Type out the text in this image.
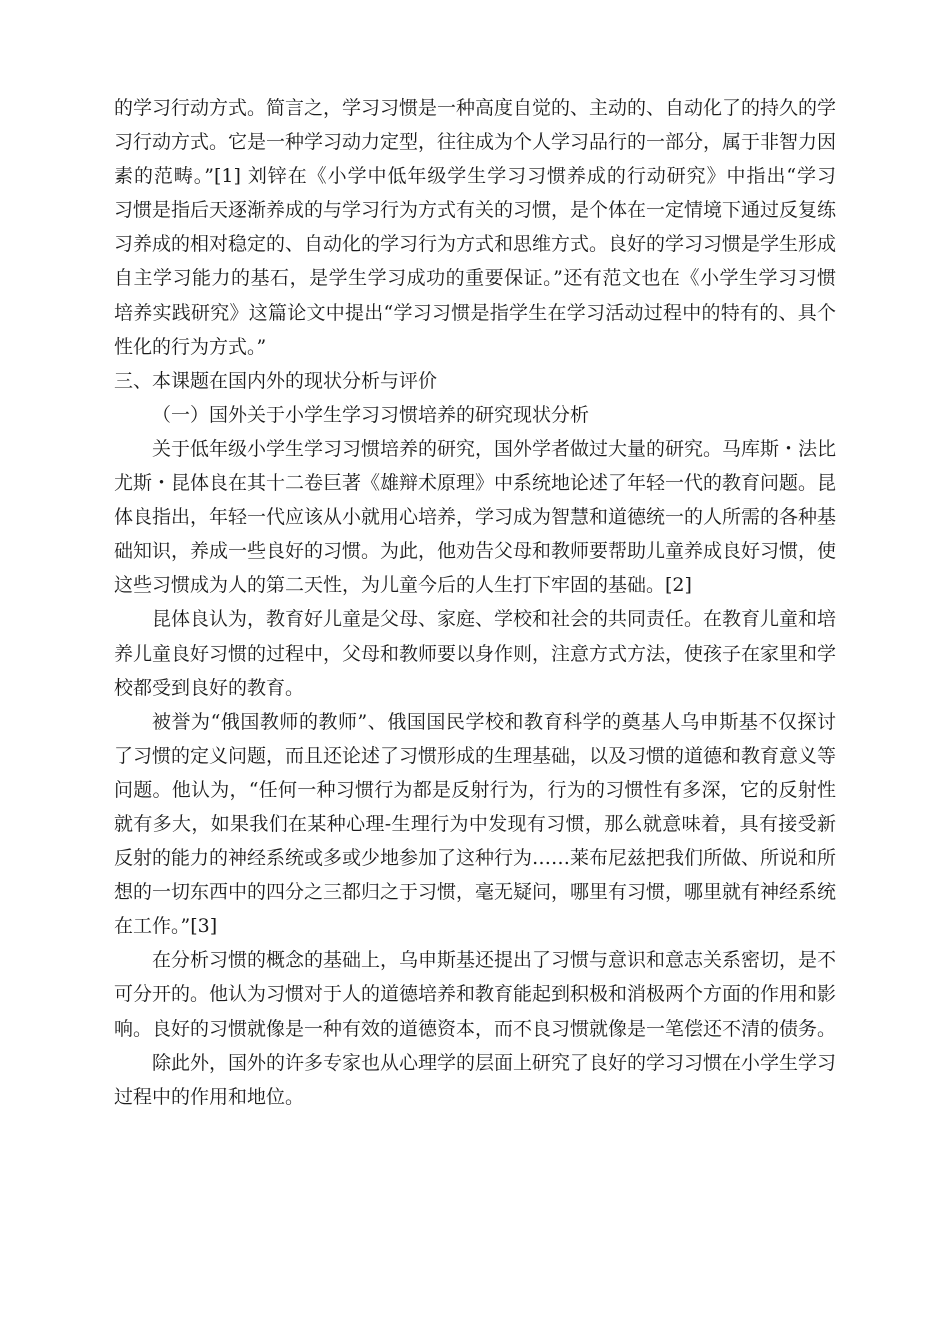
的学习行动方式。简言之，学习习惯是一种高度自觉的、主动的、自动化了的持久的学
习行动方式。它是一种学习动力定型，往往成为个人学习品行的一部分，属于非智力因
素的范畴。”[1] 刘锌在《小学中低年级学生学习习惯养成的行动研究》中指出“学习
习惯是指后天逐渐养成的与学习行为方式有关的习惯，是个体在一定情境下通过反复练
习养成的相对稳定的、自动化的学习行为方式和思维方式。良好的学习习惯是学生形成
自主学习能力的基石，是学生学习成功的重要保证。”还有范文也在《小学生学习习惯
培养实践研究》这篇论文中提出“学习习惯是指学生在学习活动过程中的特有的、具个
性化的行为方式。”
三、本课题在国内外的现状分析与评价
（一）国外关于小学生学习习惯培养的研究现状分析
关于低年级小学生学习习惯培养的研究，国外学者做过大量的研究。马库斯・法比
尤斯・昆体良在其十二卷巨著《雄辩术原理》中系统地论述了年轻一代的教育问题。昆
体良指出，年轻一代应该从小就用心培养，学习成为智慧和道德统一的人所需的各种基
础知识，养成一些良好的习惯。为此，他劝告父母和教师要帮助儿童养成良好习惯，使
这些习惯成为人的第二天性，为儿童今后的人生打下牢固的基础。[2]
昆体良认为，教育好儿童是父母、家庭、学校和社会的共同责任。在教育儿童和培
养儿童良好习惯的过程中，父母和教师要以身作则，注意方式方法，使孩子在家里和学
校都受到良好的教育。
被誉为“俄国教师的教师”、俄国国民学校和教育科学的奠基人乌申斯基不仅探讨
了习惯的定义问题，而且还论述了习惯形成的生理基础，以及习惯的道德和教育意义等
问题。他认为，“任何一种习惯行为都是反射行为，行为的习惯性有多深，它的反射性
就有多大，如果我们在某种心理-生理行为中发现有习惯，那么就意味着，具有接受新
反射的能力的神经系统或多或少地参加了这种行为……莱布尼兹把我们所做、所说和所
想的一切东西中的四分之三都归之于习惯，毫无疑问，哪里有习惯，哪里就有神经系统
在工作。”[3]
在分析习惯的概念的基础上，乌申斯基还提出了习惯与意识和意志关系密切，是不
可分开的。他认为习惯对于人的道德培养和教育能起到积极和消极两个方面的作用和影
响。良好的习惯就像是一种有效的道德资本，而不良习惯就像是一笔偿还不清的债务。
除此外，国外的许多专家也从心理学的层面上研究了良好的学习习惯在小学生学习
过程中的作用和地位。
